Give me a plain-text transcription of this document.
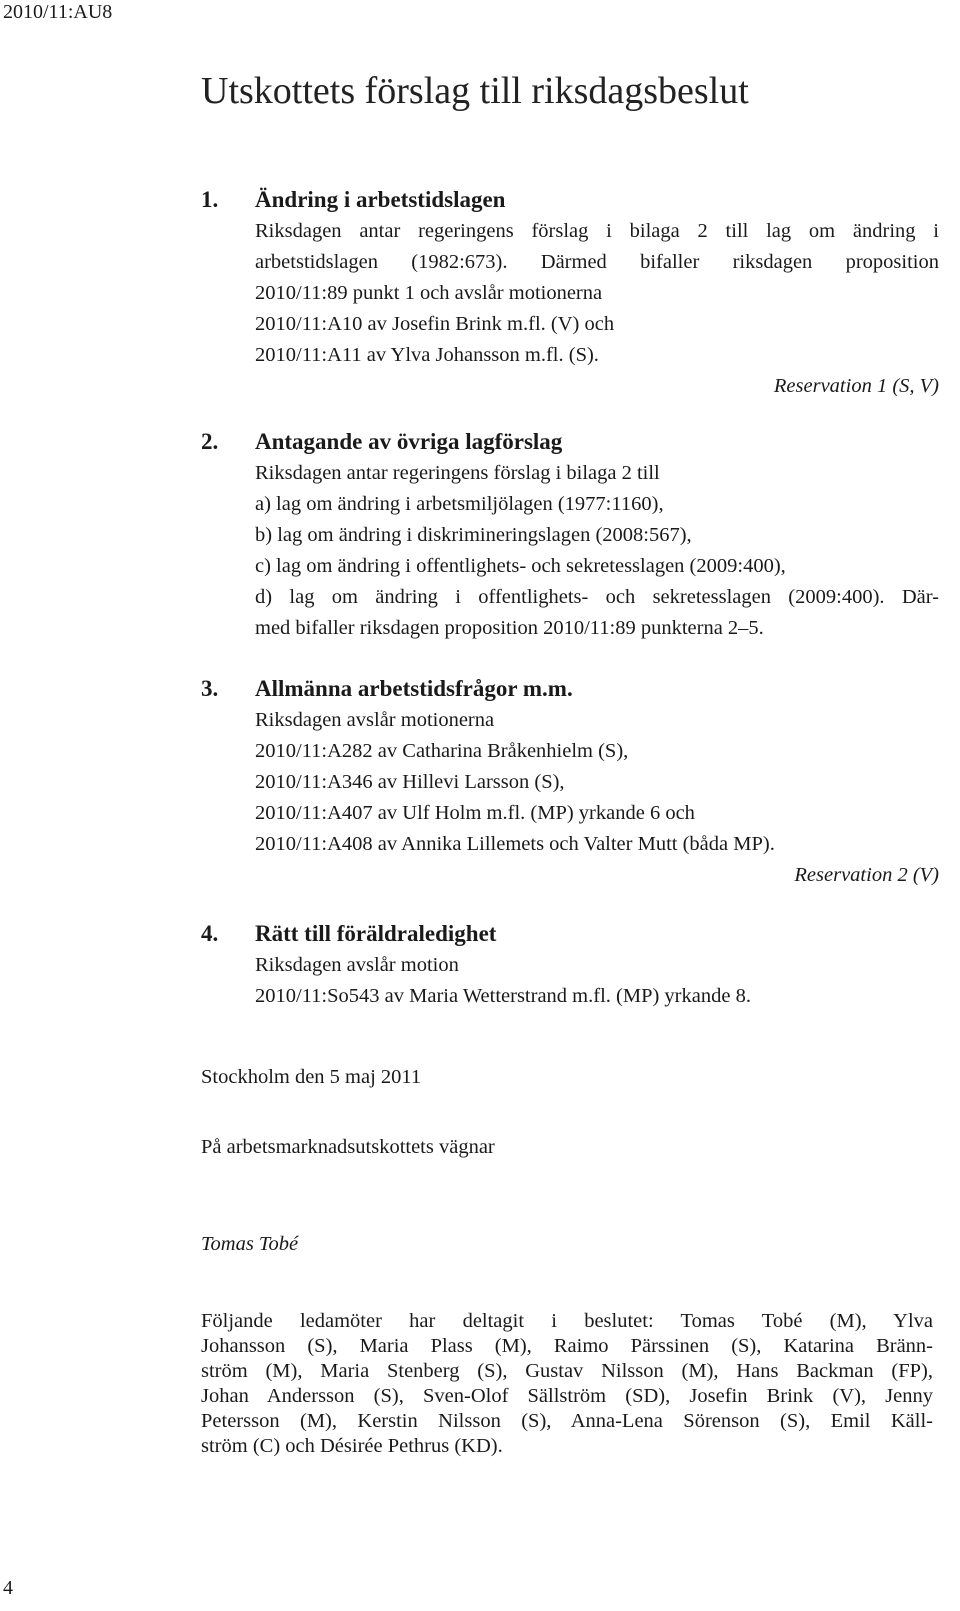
2010/11:AU8
Utskottets förslag till riksdagsbeslut
1. Ändring i arbetstidslagen
Riksdagen antar regeringens förslag i bilaga 2 till lag om ändring i
arbetstidslagen (1982:673). Därmed bifaller riksdagen proposition
2010/11:89 punkt 1 och avslår motionerna
2010/11:A10 av Josefin Brink m.fl. (V) och
2010/11:A11 av Ylva Johansson m.fl. (S).
Reservation 1 (S, V)
2. Antagande av övriga lagförslag
Riksdagen antar regeringens förslag i bilaga 2 till
a) lag om ändring i arbetsmiljölagen (1977:1160),
b) lag om ändring i diskrimineringslagen (2008:567),
c) lag om ändring i offentlighets- och sekretesslagen (2009:400),
d) lag om ändring i offentlighets- och sekretesslagen (2009:400). Där-
med bifaller riksdagen proposition 2010/11:89 punkterna 2–5.
3. Allmänna arbetstidsfrågor m.m.
Riksdagen avslår motionerna
2010/11:A282 av Catharina Bråkenhielm (S),
2010/11:A346 av Hillevi Larsson (S),
2010/11:A407 av Ulf Holm m.fl. (MP) yrkande 6 och
2010/11:A408 av Annika Lillemets och Valter Mutt (båda MP).
Reservation 2 (V)
4. Rätt till föräldraledighet
Riksdagen avslår motion
2010/11:So543 av Maria Wetterstrand m.fl. (MP) yrkande 8.
Stockholm den 5 maj 2011
På arbetsmarknadsutskottets vägnar
Tomas Tobé
Följande ledamöter har deltagit i beslutet: Tomas Tobé (M), Ylva
Johansson (S), Maria Plass (M), Raimo Pärssinen (S), Katarina Bränn-
ström (M), Maria Stenberg (S), Gustav Nilsson (M), Hans Backman (FP),
Johan Andersson (S), Sven-Olof Sällström (SD), Josefin Brink (V), Jenny
Petersson (M), Kerstin Nilsson (S), Anna-Lena Sörenson (S), Emil Käll-
ström (C) och Désirée Pethrus (KD).
4
